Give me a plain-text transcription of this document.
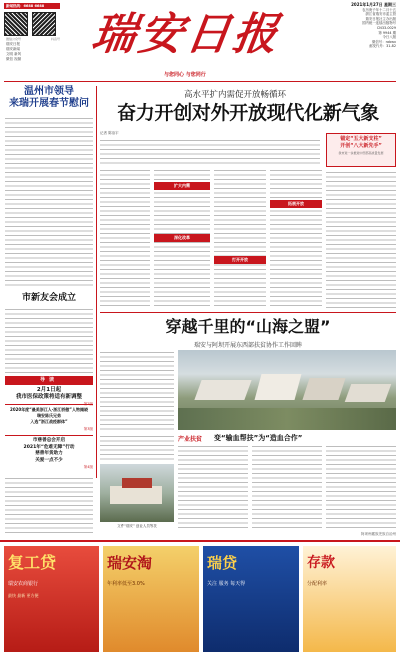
新闻热线：6688 6688
微信公众号	抖音号
瑞安日报
瑞安新闻
文明 新风
微信 视频	瑞安日报
与您同心 与您同行
2021年1月27日 星期三
农历庚子年十二月十五
浙江省瑞安市委主管
瑞安日报社主办出版
国内统一连续出版物号
CN33-0029
第 9944 期
今日八版
微信号：rabwx
邮发代号：31-82
温州市领导
来瑞开展春节慰问
市新友会成立
导读
2月1日起
我市医保政策将适有新调整
2020年度“最美浙江人·浙江骄傲”人物揭晓
瑞安陈氏兄弟
入选“浙江战疫群体”
第3版
市慈善总会开启
2021年“危难无障”行动
慈善年货助力
关爱一点不少
第4版
高水平扩内需促开放畅循环
奋力开创对外开放现代化新气象
记者 陈治宇
锚定“五大新支柱”
开创“八大新先手”
我市进一步推进中西部高质量发展
扩大内需
深化改革
拓展开放
打开开放
穿越千里的“山海之盟”
瑞安与阿坝开展东西部扶贫协作工作回眸
产业扶贫	变“输血帮扶”为“造血合作”
文件“瑞安” 创业人员等扶
阿坝州藏族羌族自治州
复工贷
瑞安农商银行
最快 最新 更方便
瑞安淘
年利率低至3.0%
瑞贷
关注 服务 每天得
存款
分配利率
